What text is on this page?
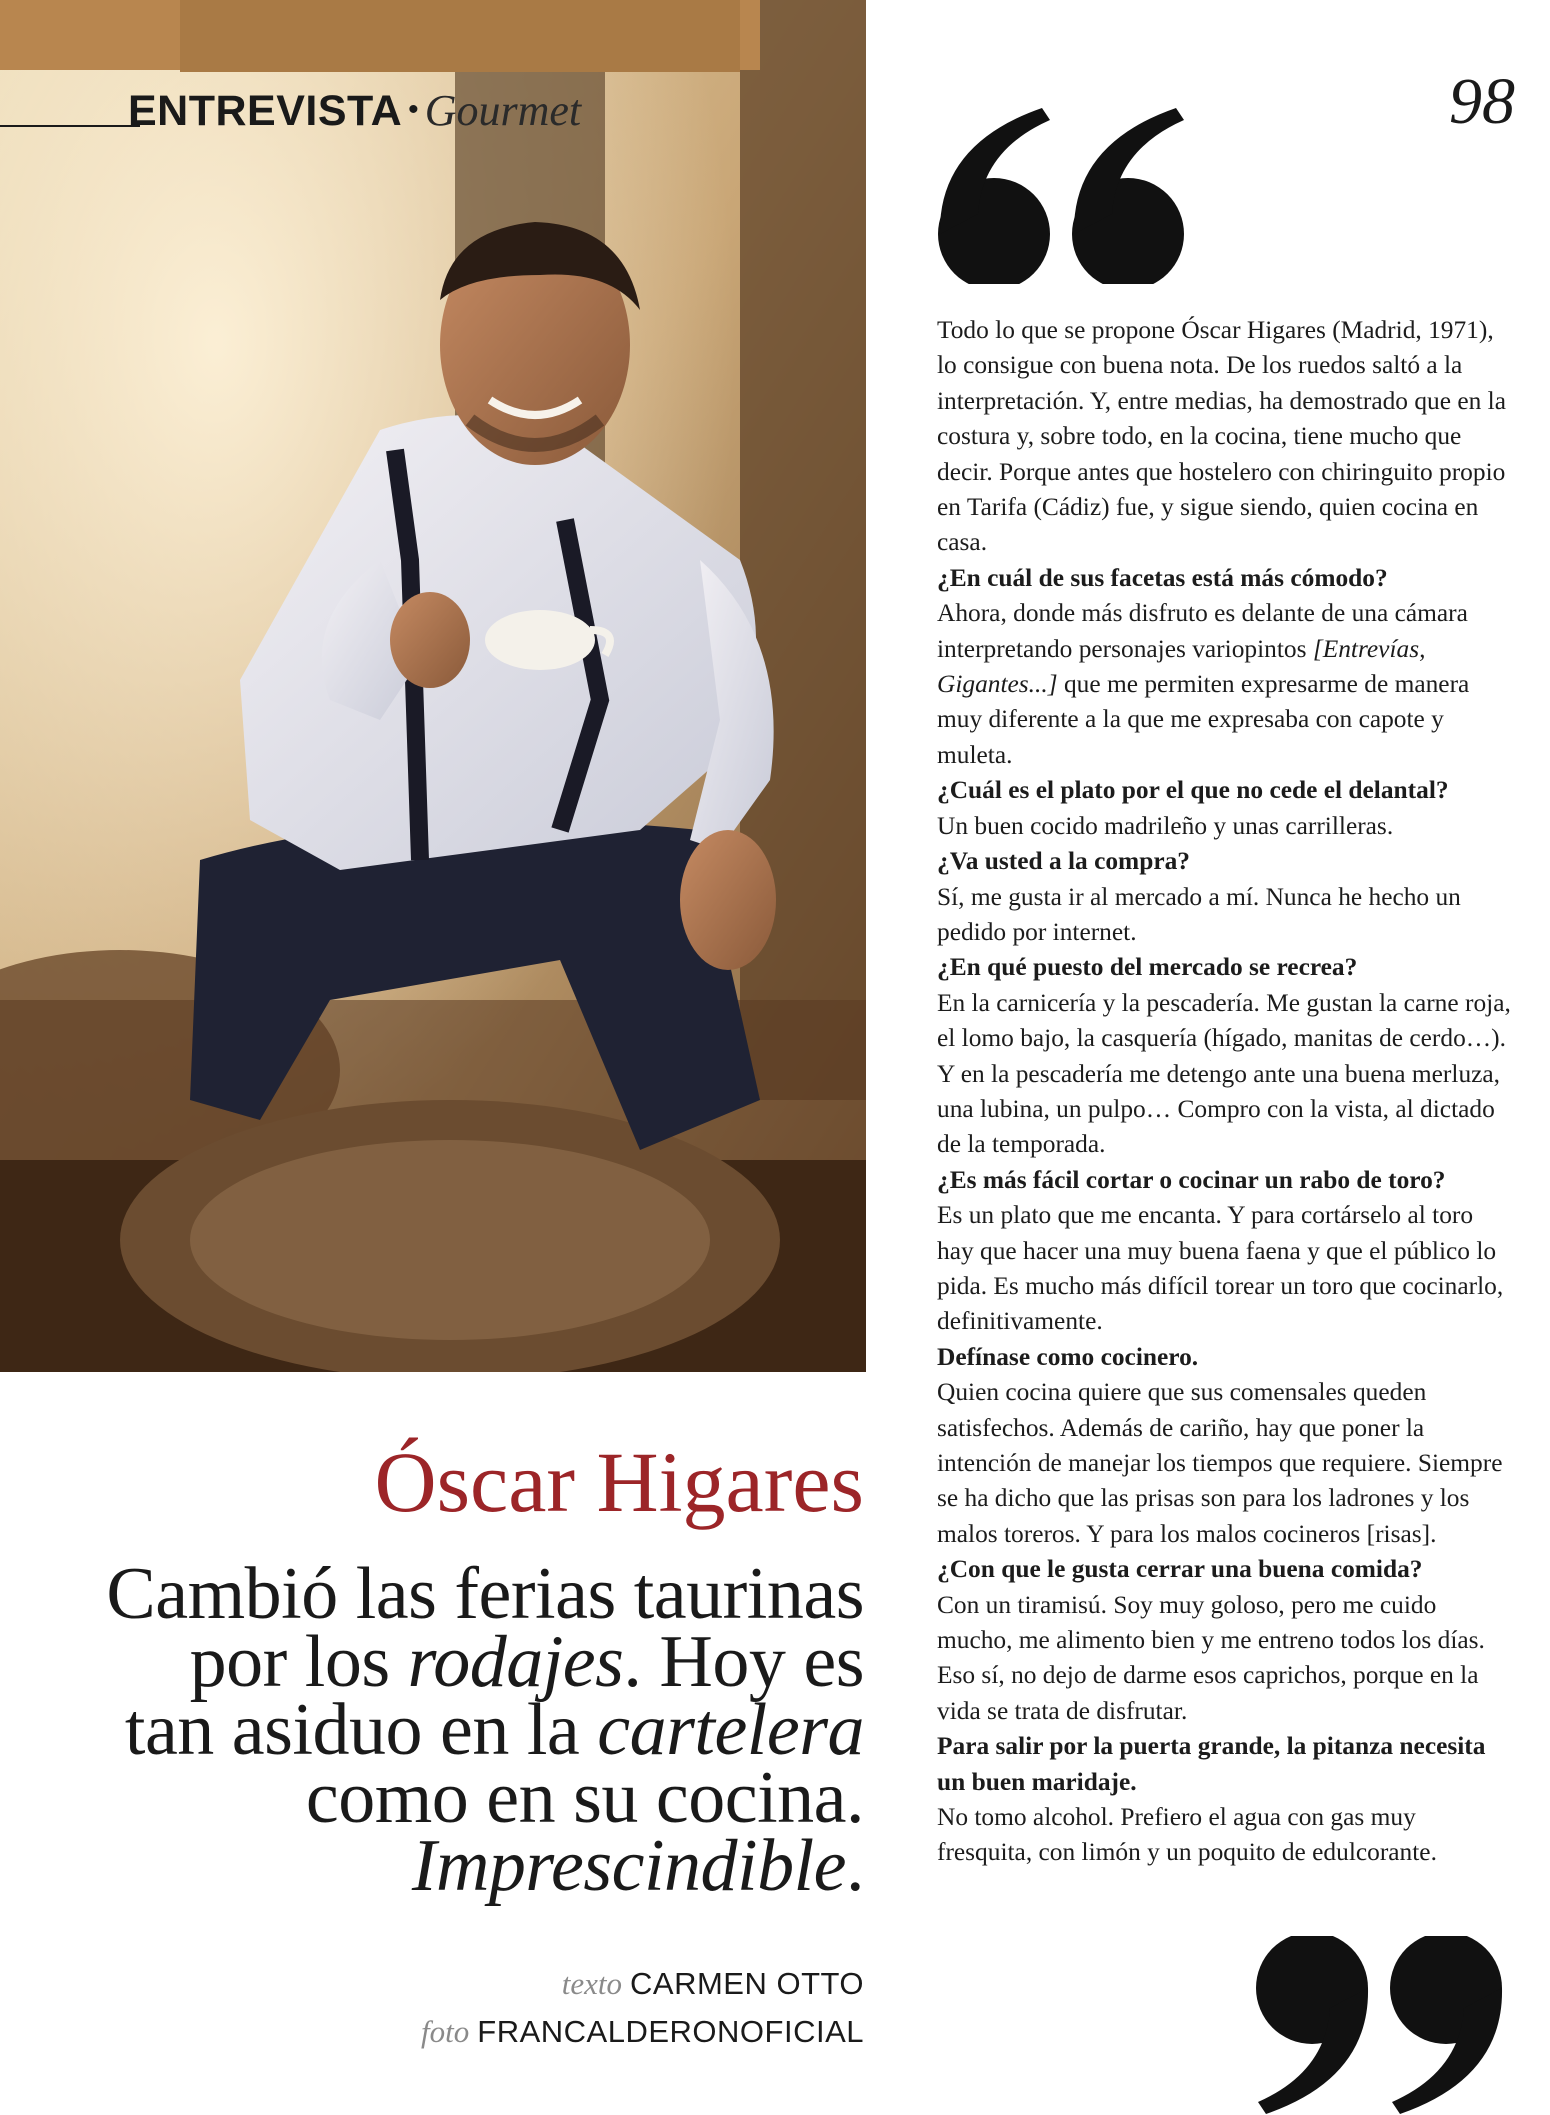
ENTREVISTA • Gourmet	98

Todo lo que se propone Óscar Higares (Madrid, 1971), lo consigue con buena nota. De los ruedos saltó a la interpretación. Y, entre medias, ha demostrado que en la costura y, sobre todo, en la cocina, tiene mucho que decir. Porque antes que hostelero con chiringuito propio en Tarifa (Cádiz) fue, y sigue siendo, quien cocina en casa.

¿En cuál de sus facetas está más cómodo?

Ahora, donde más disfruto es delante de una cámara interpretando personajes variopintos [Entrevías, Gigantes...] que me permiten expresarme de manera muy diferente a la que me expresaba con capote y muleta.

¿Cuál es el plato por el que no cede el delantal?

Un buen cocido madrileño y unas carrilleras.

¿Va usted a la compra?

Sí, me gusta ir al mercado a mí. Nunca he hecho un pedido por internet.

¿En qué puesto del mercado se recrea?

En la carnicería y la pescadería. Me gustan la carne roja, el lomo bajo, la casquería (hígado, manitas de cerdo…). Y en la pescadería me detengo ante una buena merluza, una lubina, un pulpo… Compro con la vista, al dictado de la temporada.

¿Es más fácil cortar o cocinar un rabo de toro?

Es un plato que me encanta. Y para cortárselo al toro hay que hacer una muy buena faena y que el público lo pida. Es mucho más difícil torear un toro que cocinarlo, definitivamente.

Defínase como cocinero.

Quien cocina quiere que sus comensales queden satisfechos. Además de cariño, hay que poner la intención de manejar los tiempos que requiere. Siempre se ha dicho que las prisas son para los ladrones y los malos toreros. Y para los malos cocineros [risas].

¿Con que le gusta cerrar una buena comida?

Con un tiramisú. Soy muy goloso, pero me cuido mucho, me alimento bien y me entreno todos los días. Eso sí, no dejo de darme esos caprichos, porque en la vida se trata de disfrutar.

Para salir por la puerta grande, la pitanza necesita un buen maridaje.

No tomo alcohol. Prefiero el agua con gas muy fresquita, con limón y un poquito de edulcorante.

Óscar Higares
Cambió las ferias taurinas por los rodajes. Hoy es tan asiduo en la cartelera como en su cocina. Imprescindible.
texto CARMEN OTTO
foto FRANCALDERONOFICIAL
